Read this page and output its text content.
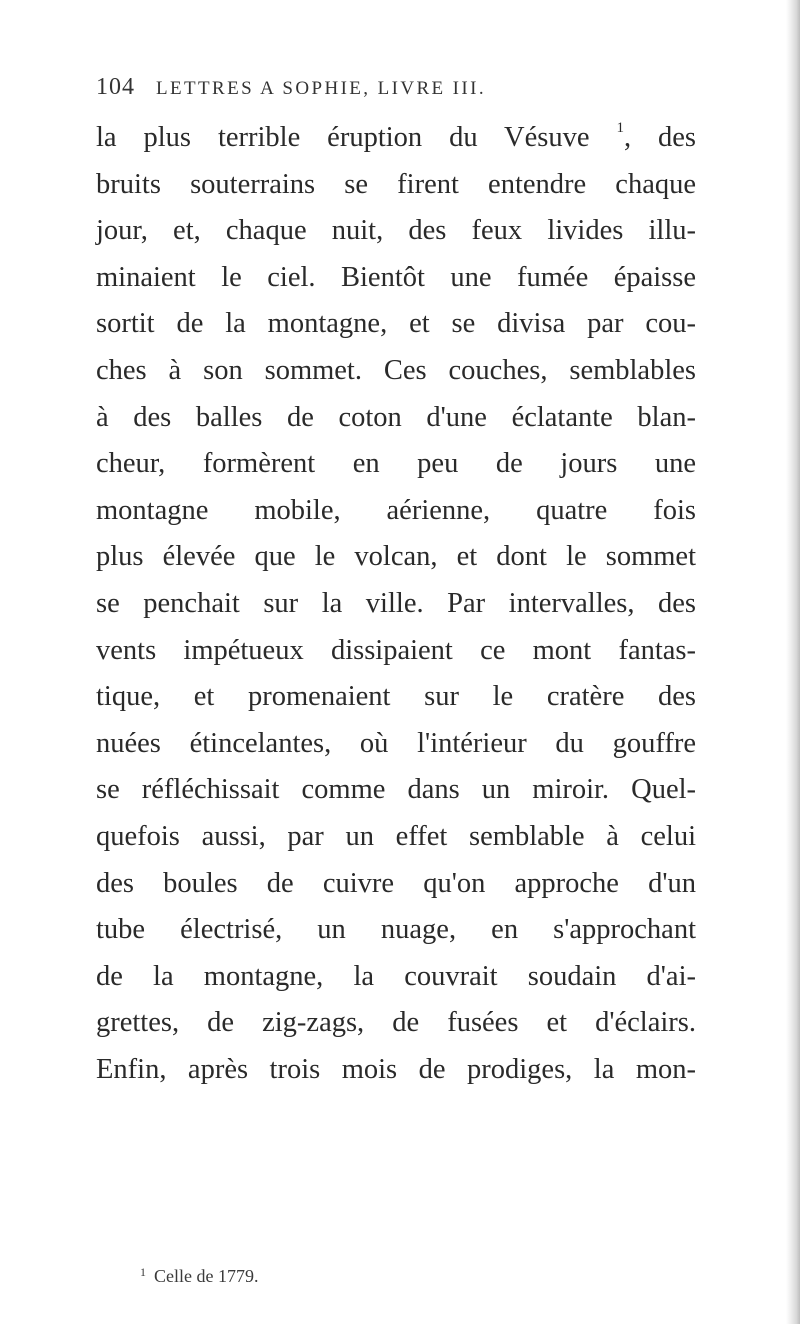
104 LETTRES A SOPHIE, LIVRE III.
la plus terrible éruption du Vésuve $^1$, des
bruits souterrains se firent entendre chaque
jour, et, chaque nuit, des feux livides illu-
minaient le ciel. Bientôt une fumée épaisse
sortit de la montagne, et se divisa par cou-
ches à son sommet. Ces couches, semblables
à des balles de coton d'une éclatante blan-
cheur, formèrent en peu de jours une
montagne mobile, aérienne, quatre fois
plus élevée que le volcan, et dont le sommet
se penchait sur la ville. Par intervalles, des
vents impétueux dissipaient ce mont fantas-
tique, et promenaient sur le cratère des
nuées étincelantes, où l'intérieur du gouffre
se réfléchissait comme dans un miroir. Quel-
quefois aussi, par un effet semblable à celui
des boules de cuivre qu'on approche d'un
tube électrisé, un nuage, en s'approchant
de la montagne, la couvrait soudain d'ai-
grettes, de zig-zags, de fusées et d'éclairs.
Enfin, après trois mois de prodiges, la mon-
$^1$ Celle de 1779.
